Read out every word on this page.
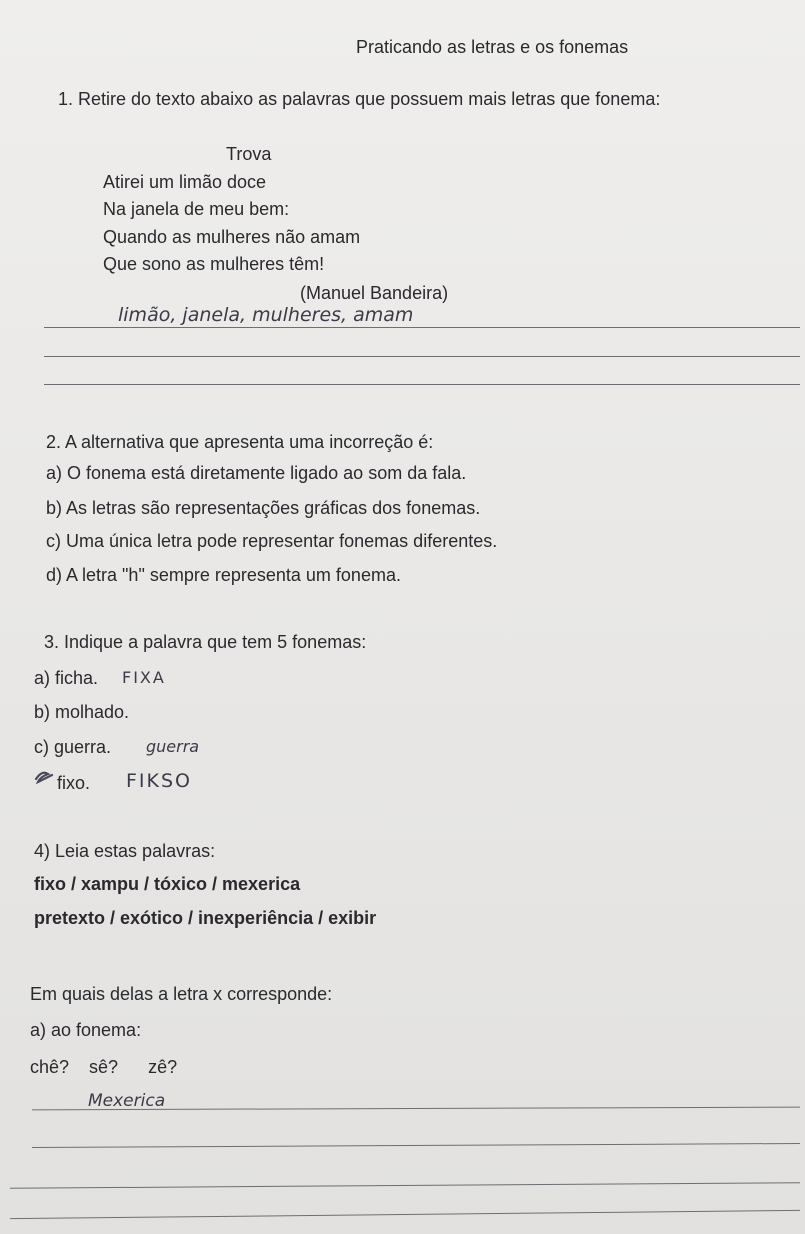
Praticando as letras e os fonemas
1. Retire do texto abaixo as palavras que possuem mais letras que fonema:
Trova
Atirei um limão doce
Na janela de meu bem:
Quando as mulheres não amam
Que sono as mulheres têm!
(Manuel Bandeira)
limão, janela, mulheres, amam
2. A alternativa que apresenta uma incorreção é:
a) O fonema está diretamente ligado ao som da fala.
b) As letras são representações gráficas dos fonemas.
c) Uma única letra pode representar fonemas diferentes.
d) A letra "h" sempre representa um fonema.
3. Indique a palavra que tem 5 fonemas:
a) ficha. FIXA
b) molhado.
c) guerra. guerra
fixo. FIKSO
4) Leia estas palavras:
fixo / xampu / tóxico / mexerica
pretexto / exótico / inexperiência / exibir
Em quais delas a letra x corresponde:
a) ao fonema:
chê?    sê?      zê?
Mexerica
